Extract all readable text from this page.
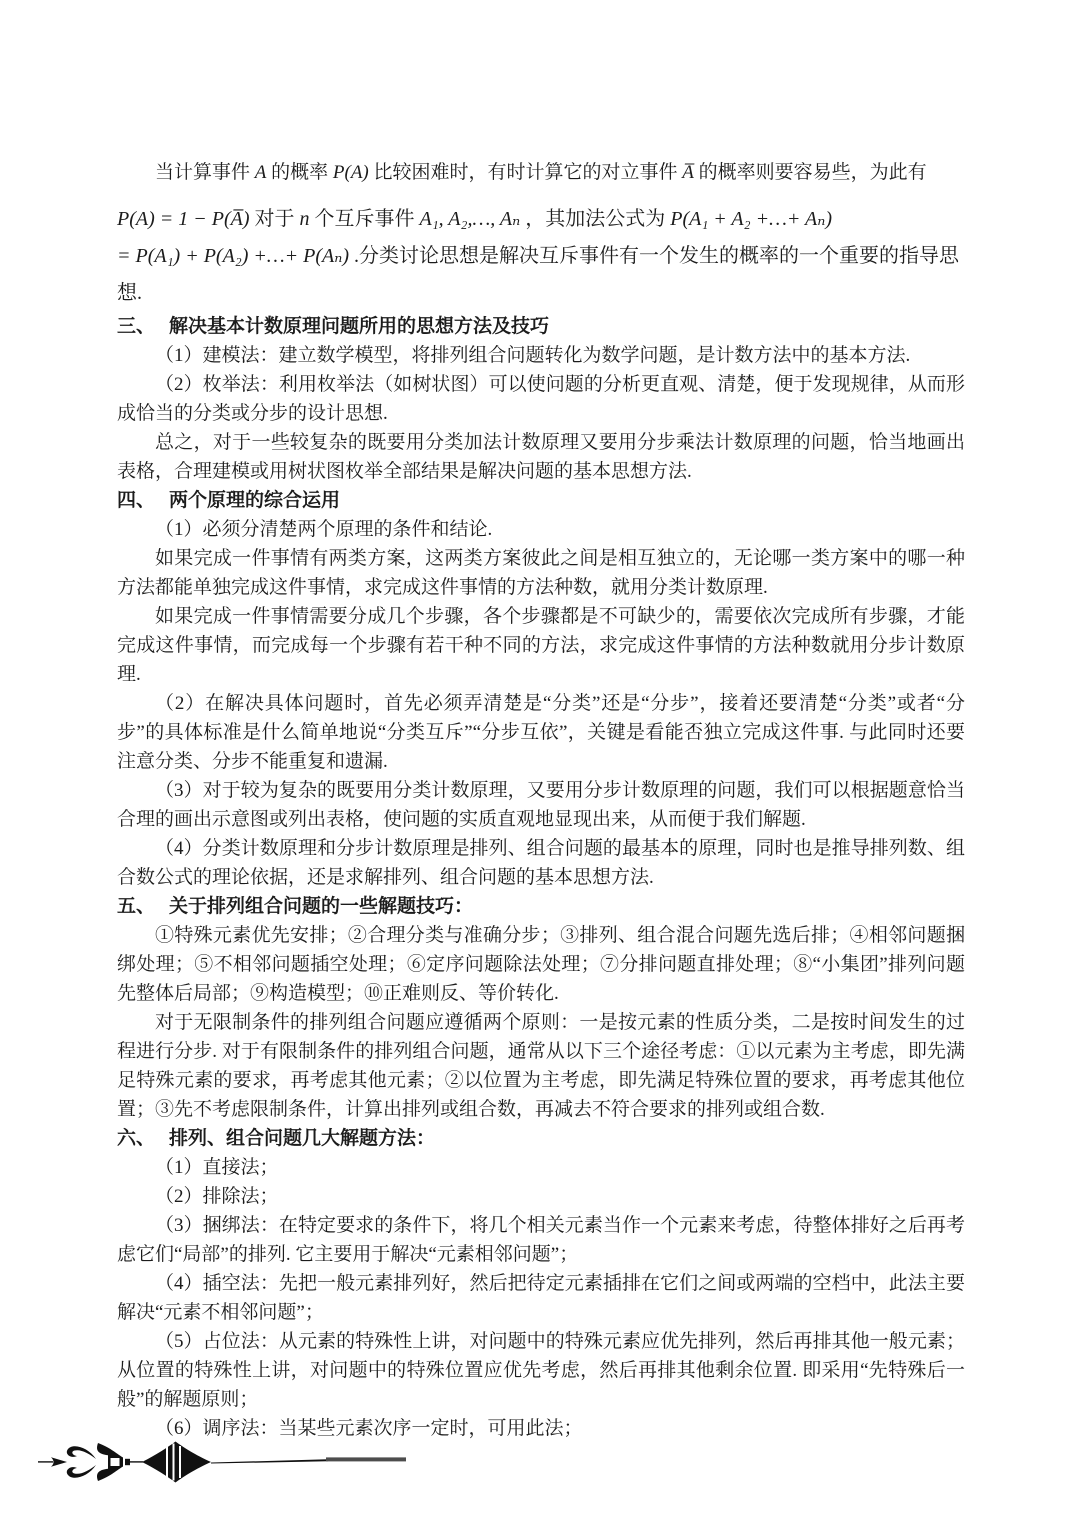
当计算事件 A 的概率 P(A) 比较困难时，有时计算它的对立事件 A̅ 的概率则要容易些，为此有

P(A) = 1 − P(A̅) 对于 n 个互斥事件 A₁, A₂,…, Aₙ ，其加法公式为 P(A₁ + A₂ +…+ Aₙ)

= P(A₁) + P(A₂) +…+ P(Aₙ) .分类讨论思想是解决互斥事件有一个发生的概率的一个重要的指导思想.

三、 解决基本计数原理问题所用的思想方法及技巧

（1）建模法：建立数学模型，将排列组合问题转化为数学问题，是计数方法中的基本方法.

（2）枚举法：利用枚举法（如树状图）可以使问题的分析更直观、清楚，便于发现规律，从而形成恰当的分类或分步的设计思想.

总之，对于一些较复杂的既要用分类加法计数原理又要用分步乘法计数原理的问题，恰当地画出表格，合理建模或用树状图枚举全部结果是解决问题的基本思想方法.

四、 两个原理的综合运用

（1）必须分清楚两个原理的条件和结论.

如果完成一件事情有两类方案，这两类方案彼此之间是相互独立的，无论哪一类方案中的哪一种方法都能单独完成这件事情，求完成这件事情的方法种数，就用分类计数原理.

如果完成一件事情需要分成几个步骤，各个步骤都是不可缺少的，需要依次完成所有步骤，才能完成这件事情，而完成每一个步骤有若干种不同的方法，求完成这件事情的方法种数就用分步计数原理.

（2）在解决具体问题时，首先必须弄清楚是“分类”还是“分步”，接着还要清楚“分类”或者“分步”的具体标准是什么简单地说“分类互斥”“分步互依”，关键是看能否独立完成这件事. 与此同时还要注意分类、分步不能重复和遗漏.

（3）对于较为复杂的既要用分类计数原理，又要用分步计数原理的问题，我们可以根据题意恰当合理的画出示意图或列出表格，使问题的实质直观地显现出来，从而便于我们解题.

（4）分类计数原理和分步计数原理是排列、组合问题的最基本的原理，同时也是推导排列数、组合数公式的理论依据，还是求解排列、组合问题的基本思想方法.

五、 关于排列组合问题的一些解题技巧：

①特殊元素优先安排；②合理分类与准确分步；③排列、组合混合问题先选后排；④相邻问题捆绑处理；⑤不相邻问题插空处理；⑥定序问题除法处理；⑦分排问题直排处理；⑧“小集团”排列问题先整体后局部；⑨构造模型；⑩正难则反、等价转化.

对于无限制条件的排列组合问题应遵循两个原则：一是按元素的性质分类，二是按时间发生的过程进行分步. 对于有限制条件的排列组合问题，通常从以下三个途径考虑：①以元素为主考虑，即先满足特殊元素的要求，再考虑其他元素；②以位置为主考虑，即先满足特殊位置的要求，再考虑其他位置；③先不考虑限制条件，计算出排列或组合数，再减去不符合要求的排列或组合数.

六、 排列、组合问题几大解题方法：

（1）直接法；

（2）排除法；

（3）捆绑法：在特定要求的条件下，将几个相关元素当作一个元素来考虑，待整体排好之后再考虑它们“局部”的排列. 它主要用于解决“元素相邻问题”；

（4）插空法：先把一般元素排列好，然后把待定元素插排在它们之间或两端的空档中，此法主要解决“元素不相邻问题”；

（5）占位法：从元素的特殊性上讲，对问题中的特殊元素应优先排列，然后再排其他一般元素；从位置的特殊性上讲，对问题中的特殊位置应优先考虑，然后再排其他剩余位置. 即采用“先特殊后一般”的解题原则；

（6）调序法：当某些元素次序一定时，可用此法；
